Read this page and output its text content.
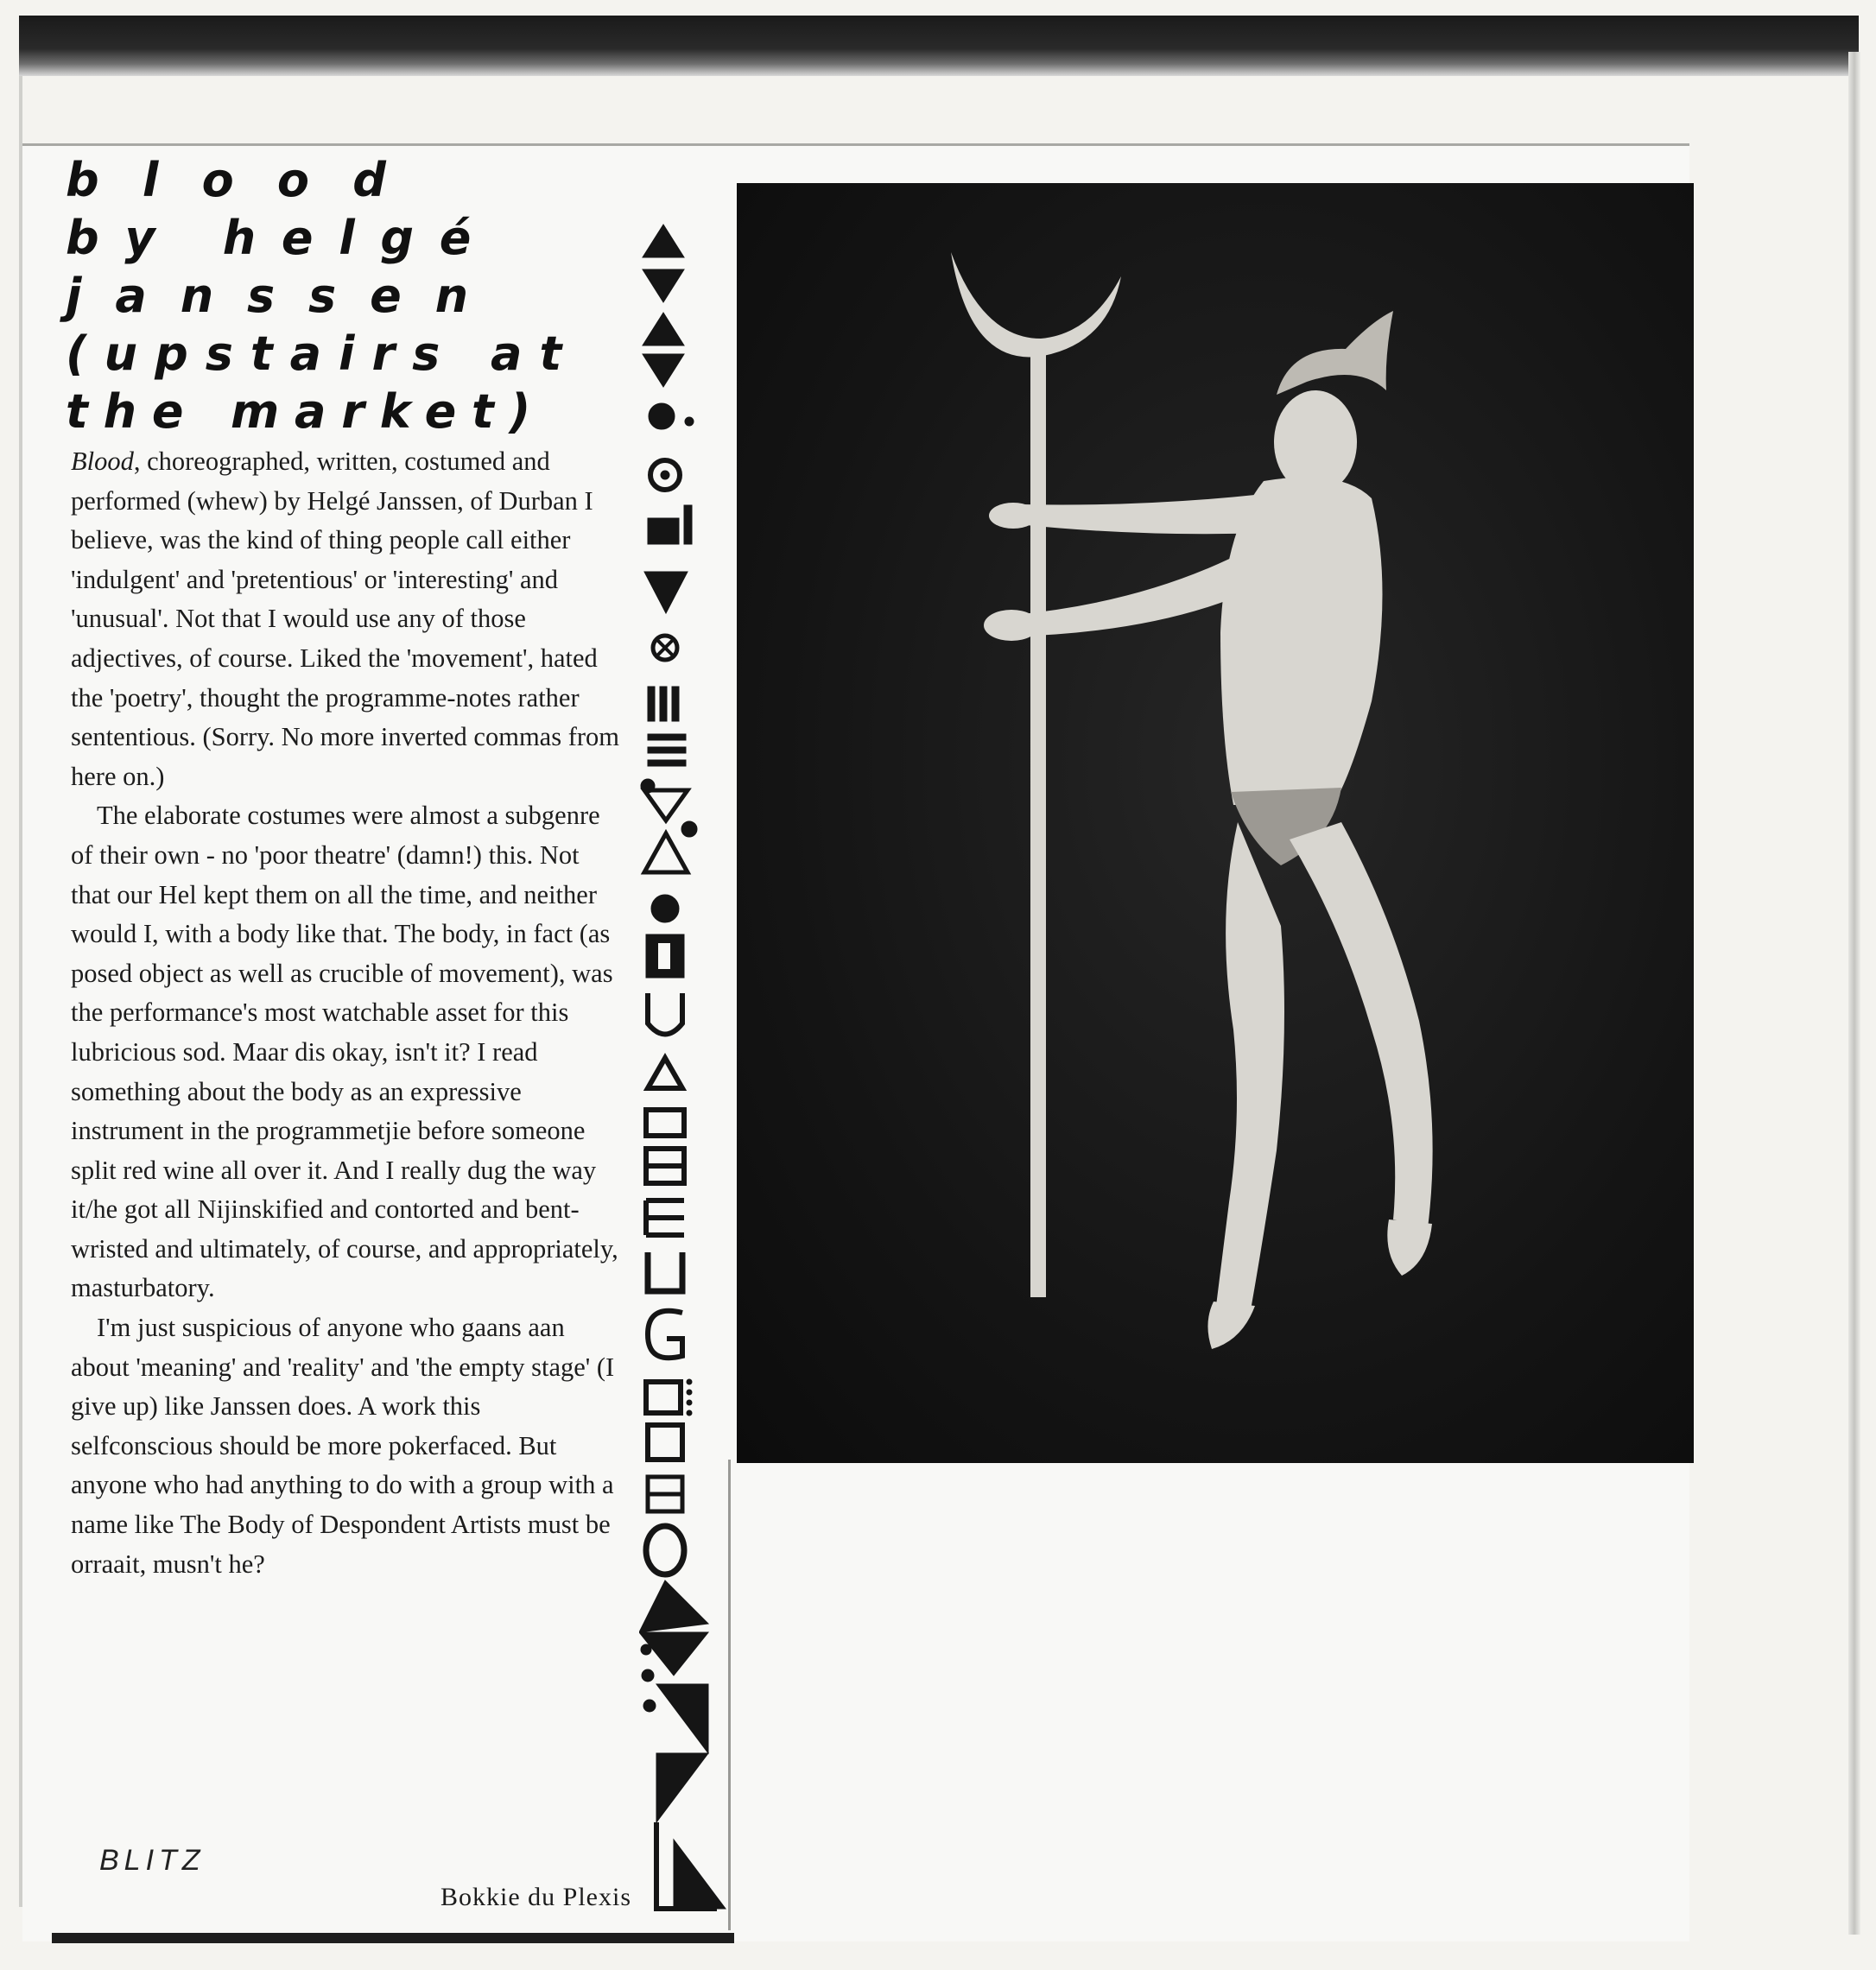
blood
by helgé
janssen
(upstairs at
the market)

Blood, choreographed, written, costumed and performed (whew) by Helgé Janssen, of Durban I believe, was the kind of thing people call either 'indulgent' and 'pretentious' or 'interesting' and 'unusual'. Not that I would use any of those adjectives, of course. Liked the 'movement', hated the 'poetry', thought the programme-notes rather sententious. (Sorry. No more inverted commas from here on.)

The elaborate costumes were almost a subgenre of their own - no 'poor theatre' (damn!) this. Not that our Hel kept them on all the time, and neither would I, with a body like that. The body, in fact (as posed object as well as crucible of movement), was the performance's most watchable asset for this lubricious sod. Maar dis okay, isn't it? I read something about the body as an expressive instrument in the programmetjie before someone split red wine all over it. And I really dug the way it/he got all Nijinskified and contorted and bent-wristed and ultimately, of course, and appropriately, masturbatory.

I'm just suspicious of anyone who gaans aan about 'meaning' and 'reality' and 'the empty stage' (I give up) like Janssen does. A work this selfconscious should be more pokerfaced. But anyone who had anything to do with a group with a name like The Body of Despondent Artists must be orraait, musn't he?

BLITZ
Bokkie du Plexis
